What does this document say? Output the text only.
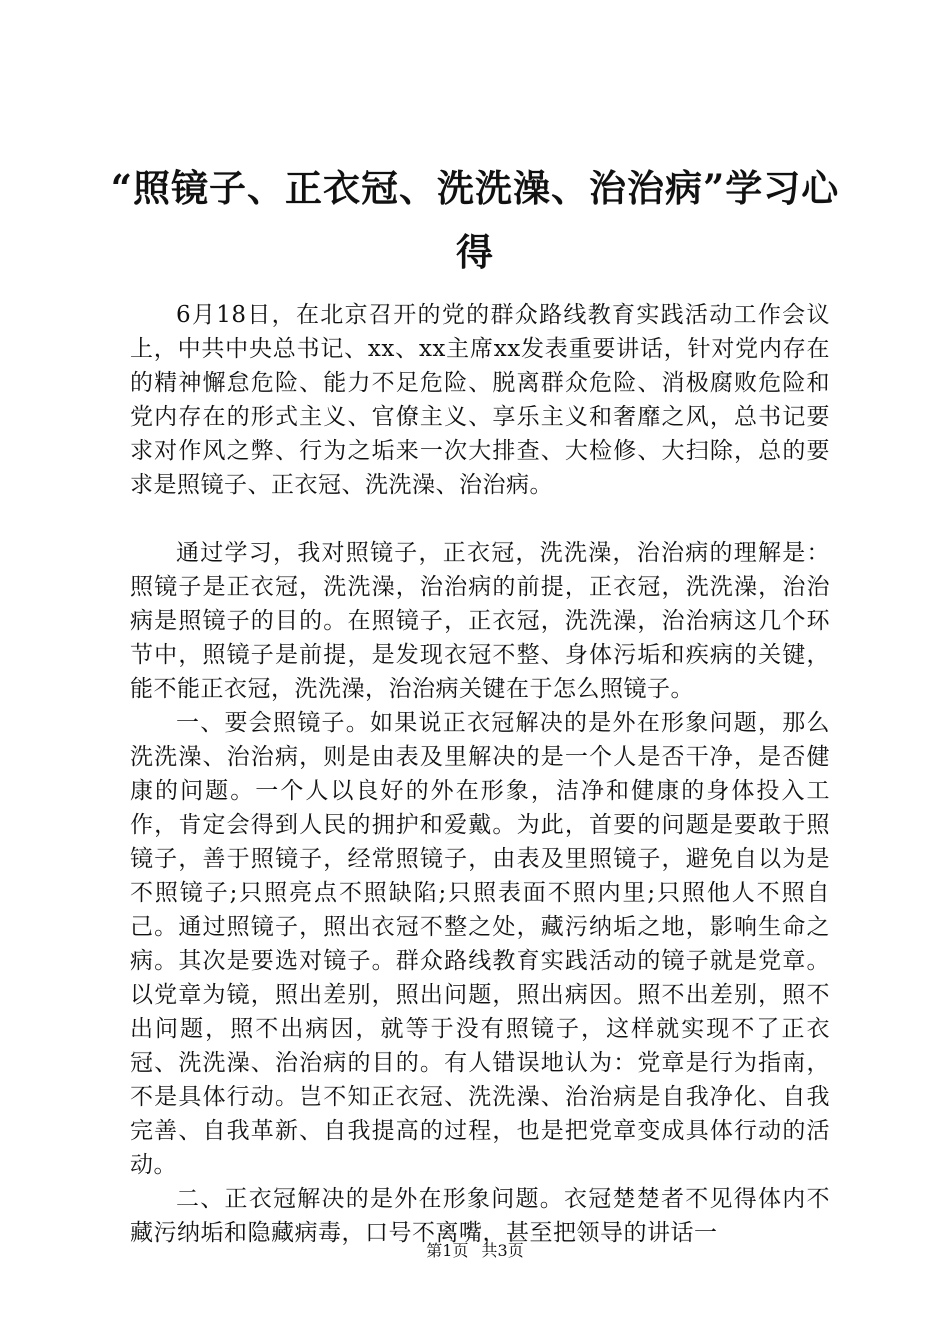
“照镜子、正衣冠、洗洗澡、治治病”学习心得

6月18日，在北京召开的党的群众路线教育实践活动工作会议上，中共中央总书记、xx、xx主席xx发表重要讲话，针对党内存在的精神懈怠危险、能力不足危险、脱离群众危险、消极腐败危险和党内存在的形式主义、官僚主义、享乐主义和奢靡之风，总书记要求对作风之弊、行为之垢来一次大排查、大检修、大扫除，总的要求是照镜子、正衣冠、洗洗澡、治治病。

通过学习，我对照镜子，正衣冠，洗洗澡，治治病的理解是：照镜子是正衣冠，洗洗澡，治治病的前提，正衣冠，洗洗澡，治治病是照镜子的目的。在照镜子，正衣冠，洗洗澡，治治病这几个环节中，照镜子是前提，是发现衣冠不整、身体污垢和疾病的关键，能不能正衣冠，洗洗澡，治治病关键在于怎么照镜子。

一、要会照镜子。如果说正衣冠解决的是外在形象问题，那么洗洗澡、治治病，则是由表及里解决的是一个人是否干净，是否健康的问题。一个人以良好的外在形象，洁净和健康的身体投入工作，肯定会得到人民的拥护和爱戴。为此，首要的问题是要敢于照镜子，善于照镜子，经常照镜子，由表及里照镜子，避免自以为是不照镜子;只照亮点不照缺陷;只照表面不照内里;只照他人不照自己。通过照镜子，照出衣冠不整之处，藏污纳垢之地，影响生命之病。其次是要选对镜子。群众路线教育实践活动的镜子就是党章。以党章为镜，照出差别，照出问题，照出病因。照不出差别，照不出问题，照不出病因，就等于没有照镜子，这样就实现不了正衣冠、洗洗澡、治治病的目的。有人错误地认为：党章是行为指南，不是具体行动。岂不知正衣冠、洗洗澡、治治病是自我净化、自我完善、自我革新、自我提高的过程，也是把党章变成具体行动的活动。

二、正衣冠解决的是外在形象问题。衣冠楚楚者不见得体内不藏污纳垢和隐藏病毒，口号不离嘴，甚至把领导的讲话一

第1页 共3页
